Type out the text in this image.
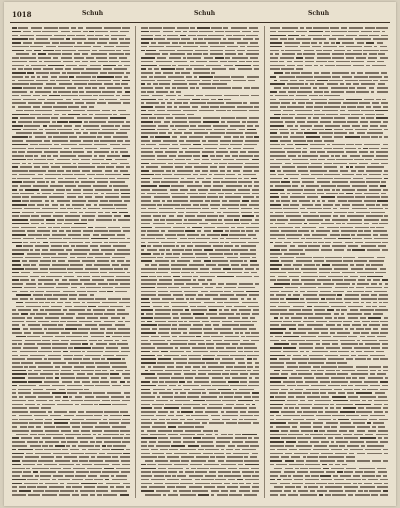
1018	Schuh	Schuh	Schuh
